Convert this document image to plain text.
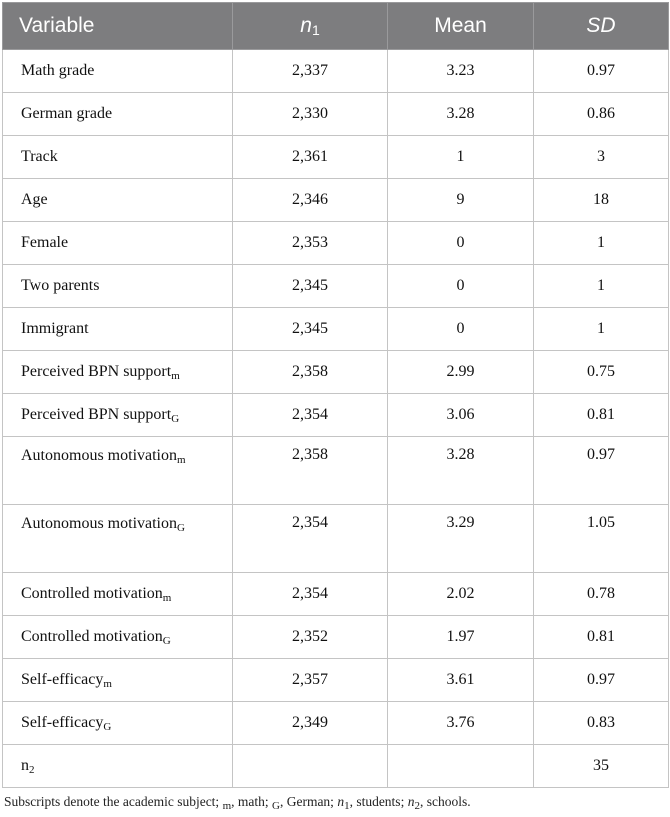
Variable	$n_1$	Mean	SD
Math grade	2,337	3.23	0.97
German grade	2,330	3.28	0.86
Track	2,361	1	3
Age	2,346	9	18
Female	2,353	0	1
Two parents	2,345	0	1
Immigrant	2,345	0	1
Perceived BPN support$_m$	2,358	2.99	0.75
Perceived BPN support$_G$	2,354	3.06	0.81
Autonomous motivation$_m$	2,358	3.28	0.97
Autonomous motivation$_G$	2,354	3.29	1.05
Controlled motivation$_m$	2,354	2.02	0.78
Controlled motivation$_G$	2,352	1.97	0.81
Self-efficacy$_m$	2,357	3.61	0.97
Self-efficacy$_G$	2,349	3.76	0.83
$n_2$			35
Subscripts denote the academic subject; $_m$, math; $_G$, German; $n_1$, students; $n_2$, schools.
